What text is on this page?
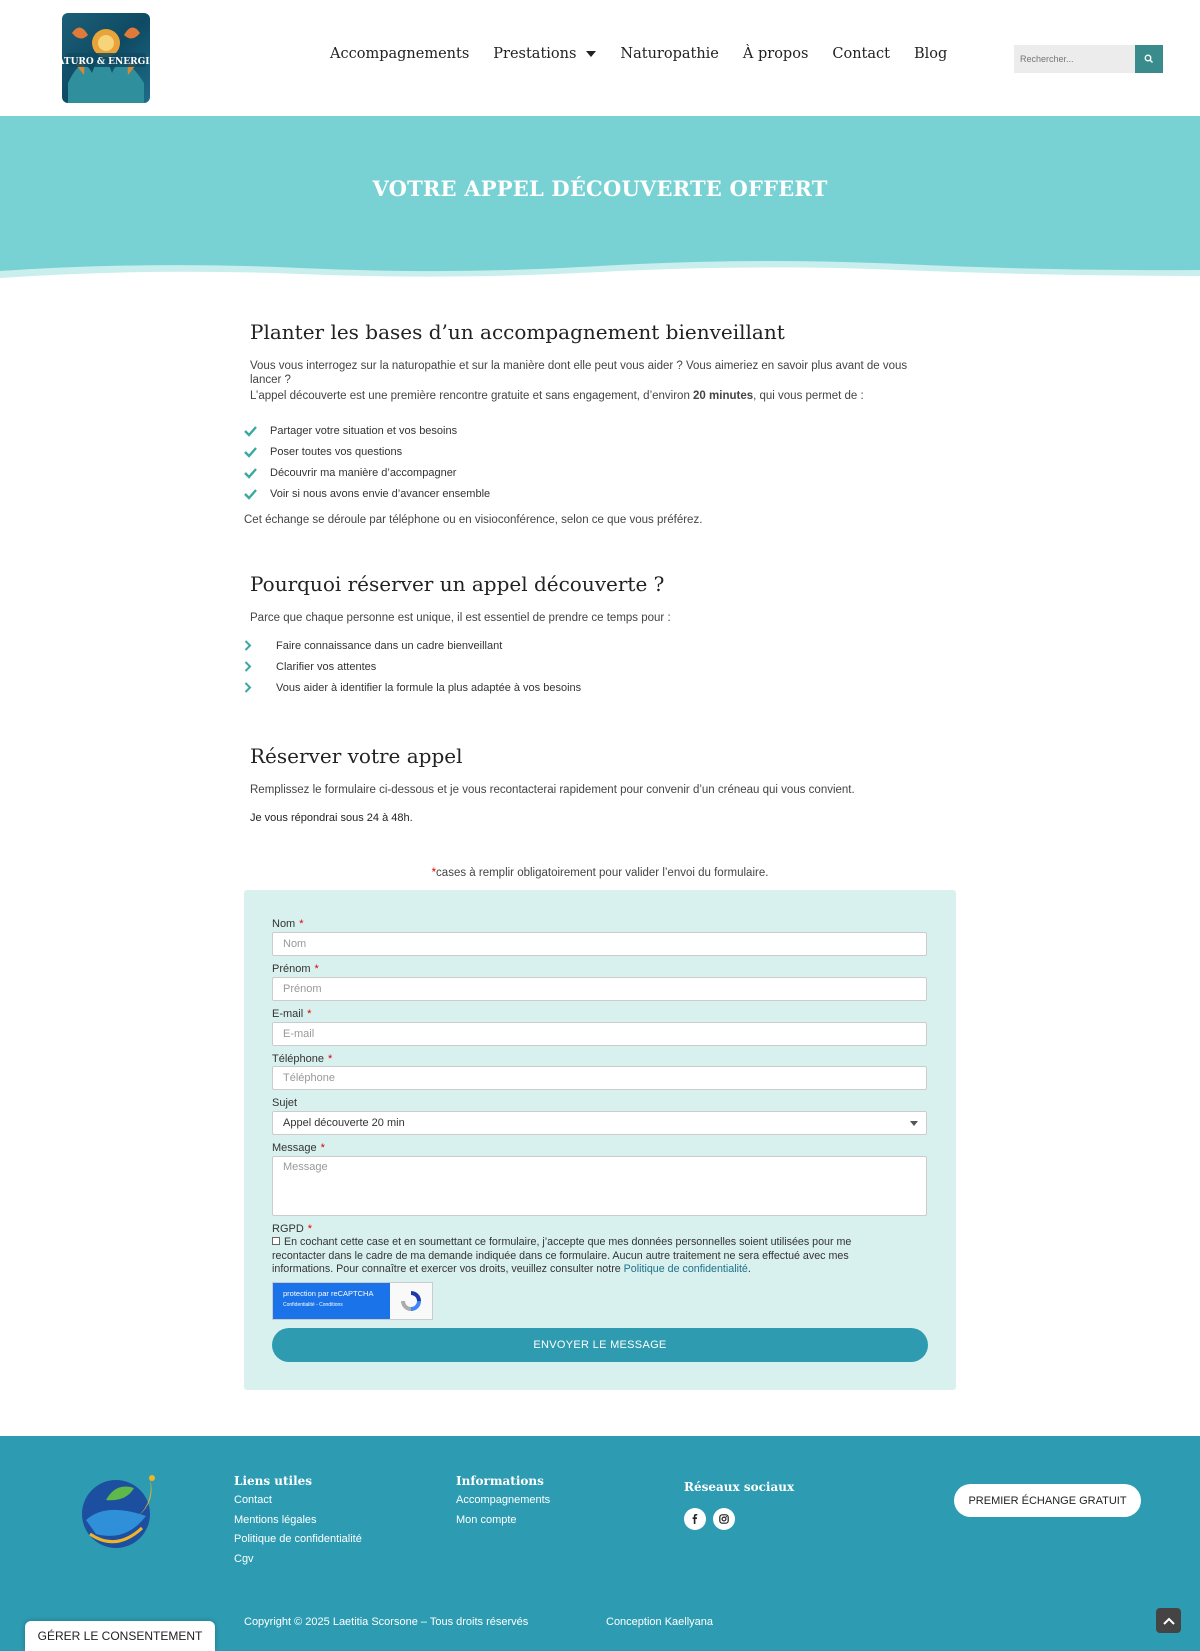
NATURO & ENERGIES	Accompagnements Prestations	Naturopathie À propos Contact Blog
Rechercher...
VOTRE APPEL DÉCOUVERTE OFFERT
Planter les bases d’un accompagnement bienveillant

Vous vous interrogez sur la naturopathie et sur la manière dont elle peut vous aider ? Vous aimeriez en savoir plus avant de vous lancer ?

L’appel découverte est une première rencontre gratuite et sans engagement, d’environ 20 minutes, qui vous permet de :

Partager votre situation et vos besoins
Poser toutes vos questions
Découvrir ma manière d’accompagner
Voir si nous avons envie d’avancer ensemble

Cet échange se déroule par téléphone ou en visioconférence, selon ce que vous préférez.

Pourquoi réserver un appel découverte ?

Parce que chaque personne est unique, il est essentiel de prendre ce temps pour :

Faire connaissance dans un cadre bienveillant
Clarifier vos attentes
Vous aider à identifier la formule la plus adaptée à vos besoins
Réserver votre appel

Remplissez le formulaire ci-dessous et je vous recontacterai rapidement pour convenir d’un créneau qui vous convient.

Je vous répondrai sous 24 à 48h.

*cases à remplir obligatoirement pour valider l’envoi du formulaire.

Nom *
Nom
Prénom *
Prénom
E-mail *
E-mail
Téléphone *
Téléphone
Sujet
Appel découverte 20 min
Message *
Message
RGPD *

En cochant cette case et en soumettant ce formulaire, j’accepte que mes données personnelles soient utilisées pour me recontacter dans le cadre de ma demande indiquée dans ce formulaire. Aucun autre traitement ne sera effectué avec mes informations. Pour connaître et exercer vos droits, veuillez consulter notre Politique de confidentialité.

protection par reCAPTCHA
Confidentialité - Conditions
ENVOYER LE MESSAGE
Liens utiles
Contact
Mentions légales
Politique de confidentialité
Cgv
Informations
Accompagnements
Mon compte
Réseaux sociaux
PREMIER ÉCHANGE GRATUIT
Copyright © 2025 Laetitia Scorsone – Tous droits réservés	Conception Kaellyana
GÉRER LE CONSENTEMENT
